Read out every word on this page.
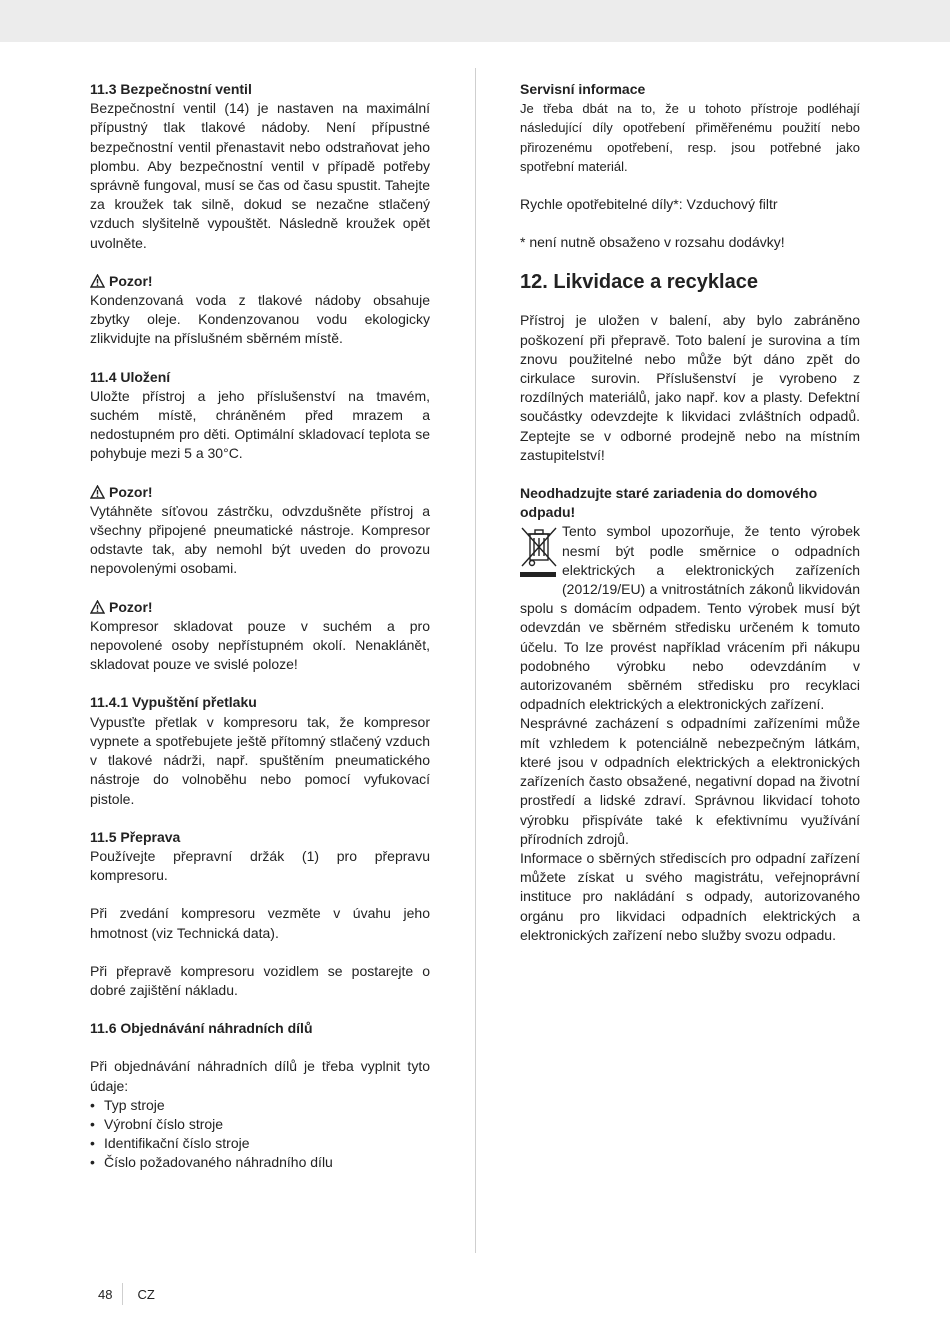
11.3 Bezpečnostní ventil

Bezpečnostní ventil (14) je nastaven na maximální přípustný tlak tlakové nádoby. Není přípustné bezpečnostní ventil přenastavit nebo odstraňovat jeho plombu. Aby bezpečnostní ventil v případě potřeby správně fungoval, musí se čas od času spustit. Tahejte za kroužek tak silně, dokud se nezačne stlačený vzduch slyšitelně vypouštět. Následně kroužek opět uvolněte.

Pozor!

Kondenzovaná voda z tlakové nádoby obsahuje zbytky oleje. Kondenzovanou vodu ekologicky zlikvidujte na příslušném sběrném místě.

11.4 Uložení

Uložte přístroj a jeho příslušenství na tmavém, suchém místě, chráněném před mrazem a nedostupném pro děti. Optimální skladovací teplota se pohybuje mezi 5 a 30°C.

Pozor!

Vytáhněte síťovou zástrčku, odvzdušněte přístroj a všechny připojené pneumatické nástroje. Kompresor odstavte tak, aby nemohl být uveden do provozu nepovolenými osobami.

Pozor!

Kompresor skladovat pouze v suchém a pro nepovolené osoby nepřístupném okolí. Nenaklánět, skladovat pouze ve svislé poloze!

11.4.1 Vypuštění přetlaku

Vypusťte přetlak v kompresoru tak, že kompresor vypnete a spotřebujete ještě přítomný stlačený vzduch v tlakové nádrži, např. spuštěním pneumatického nástroje do volnoběhu nebo pomocí vyfukovací pistole.

11.5 Přeprava

Používejte přepravní držák (1) pro přepravu kompresoru.

Při zvedání kompresoru vezměte v úvahu jeho hmotnost (viz Technická data).

Při přepravě kompresoru vozidlem se postarejte o dobré zajištění nákladu.

11.6 Objednávání náhradních dílů

Při objednávání náhradních dílů je třeba vyplnit tyto údaje:

• Typ stroje
• Výrobní číslo stroje
• Identifikační číslo stroje
• Číslo požadovaného náhradního dílu

Servisní informace

Je třeba dbát na to, že u tohoto přístroje podléhají následující díly opotřebení přiměřenému použití nebo přirozenému opotřebení, resp. jsou potřebné jako spotřební materiál.

Rychle opotřebitelné díly*: Vzduchový filtr

* není nutně obsaženo v rozsahu dodávky!

12. Likvidace a recyklace

Přístroj je uložen v balení, aby bylo zabráněno poškození při přepravě. Toto balení je surovina a tím znovu použitelné nebo může být dáno zpět do cirkulace surovin. Příslušenství je vyrobeno z rozdílných materiálů, jako např. kov a plasty. Defektní součástky odevzdejte k likvidaci zvláštních odpadů. Zeptejte se v odborné prodejně nebo na místním zastupitelství!

Neodhadzujte staré zariadenia do domového odpadu!

Tento symbol upozorňuje, že tento výrobek nesmí být podle směrnice o odpadních elektrických a elektronických zařízeních (2012/19/EU) a vnitrostátních zákonů likvidován spolu s domácím odpadem. Tento výrobek musí být odevzdán ve sběrném středisku určeném k tomuto účelu. To lze provést například vrácením při nákupu podobného výrobku nebo odevzdáním v autorizovaném sběrném středisku pro recyklaci odpadních elektrických a elektronických zařízení.

Nesprávné zacházení s odpadními zařízeními může mít vzhledem k potenciálně nebezpečným látkám, které jsou v odpadních elektrických a elektronických zařízeních často obsažené, negativní dopad na životní prostředí a lidské zdraví. Správnou likvidací tohoto výrobku přispíváte také k efektivnímu využívání přírodních zdrojů.

Informace o sběrných střediscích pro odpadní zařízení můžete získat u svého magistrátu, veřejnoprávní instituce pro nakládání s odpady, autorizovaného orgánu pro likvidaci odpadních elektrických a elektronických zařízení nebo služby svozu odpadu.

48 CZ
